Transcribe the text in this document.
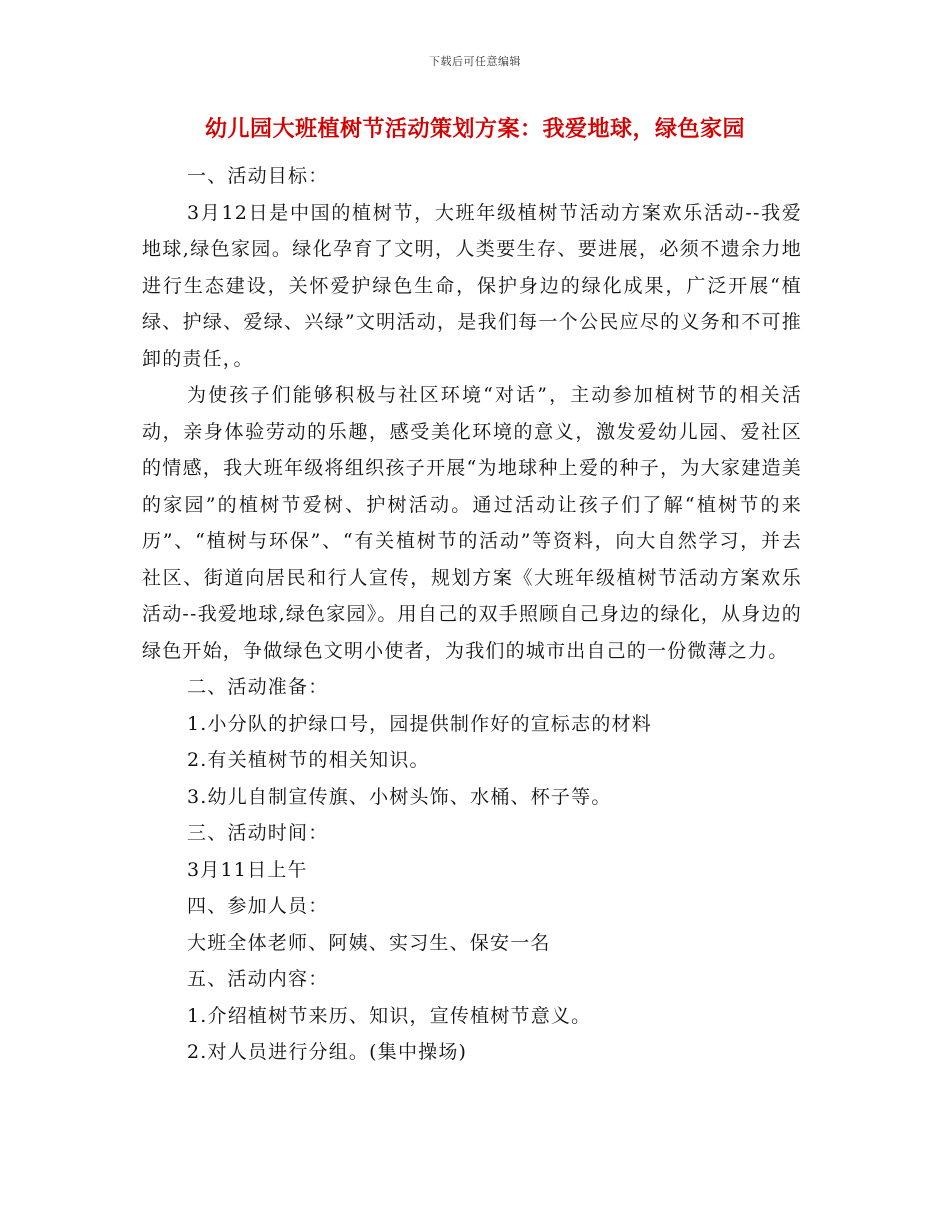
下载后可任意编辑
幼儿园大班植树节活动策划方案：我爱地球，绿色家园

一、活动目标：

3月12日是中国的植树节，大班年级植树节活动方案欢乐活动--我爱地球,绿色家园。绿化孕育了文明，人类要生存、要进展，必须不遗余力地进行生态建设，关怀爱护绿色生命，保护身边的绿化成果，广泛开展“植绿、护绿、爱绿、兴绿”文明活动，是我们每一个公民应尽的义务和不可推卸的责任，。

为使孩子们能够积极与社区环境“对话”，主动参加植树节的相关活动，亲身体验劳动的乐趣，感受美化环境的意义，激发爱幼儿园、爱社区的情感，我大班年级将组织孩子开展“为地球种上爱的种子，为大家建造美的家园”的植树节爱树、护树活动。通过活动让孩子们了解“植树节的来历”、“植树与环保”、“有关植树节的活动”等资料，向大自然学习，并去社区、街道向居民和行人宣传，规划方案《大班年级植树节活动方案欢乐活动--我爱地球,绿色家园》。用自己的双手照顾自己身边的绿化，从身边的绿色开始，争做绿色文明小使者，为我们的城市出自己的一份微薄之力。

二、活动准备：

1.小分队的护绿口号，园提供制作好的宣标志的材料

2.有关植树节的相关知识。

3.幼儿自制宣传旗、小树头饰、水桶、杯子等。

三、活动时间：

3月11日上午

四、参加人员：

大班全体老师、阿姨、实习生、保安一名

五、活动内容：

1.介绍植树节来历、知识，宣传植树节意义。

2.对人员进行分组。(集中操场)
